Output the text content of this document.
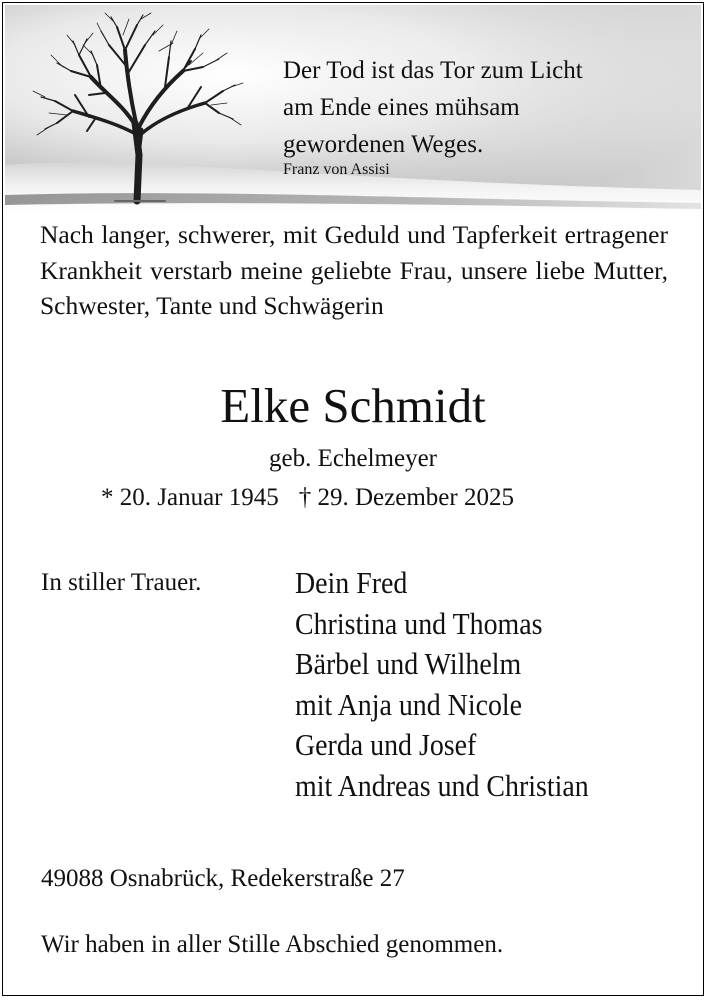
Der Tod ist das Tor zum Licht
am Ende eines mühsam
gewordenen Weges.
Franz von Assisi
Nach langer, schwerer, mit Geduld und Tapferkeit ertragener Krankheit verstarb meine geliebte Frau, unsere liebe Mutter, Schwester, Tante und Schwägerin
Elke Schmidt
geb. Echelmeyer
* 20. Januar 1945 † 29. Dezember 2025
In stiller Trauer.	Dein Fred
Christina und Thomas
Bärbel und Wilhelm
mit Anja und Nicole
Gerda und Josef
mit Andreas und Christian
49088 Osnabrück, Redekerstraße 27
Wir haben in aller Stille Abschied genommen.
